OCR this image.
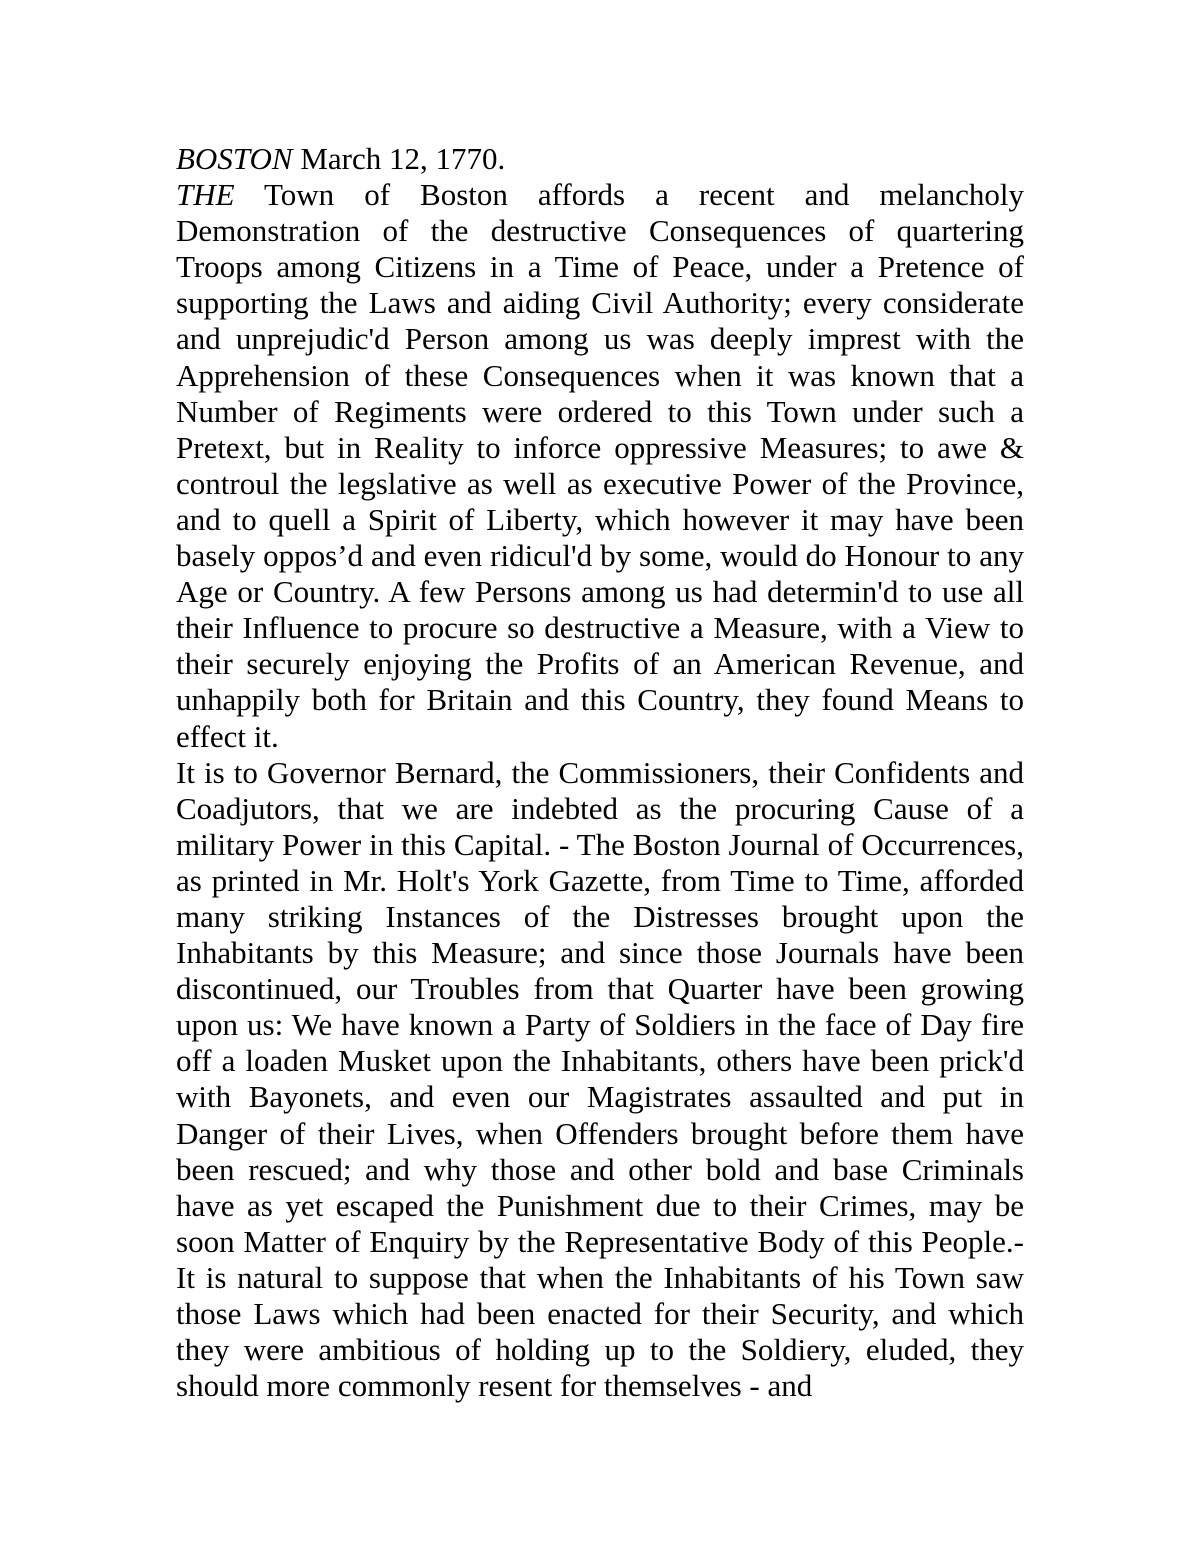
BOSTON March 12, 1770.

THE Town of Boston affords a recent and melancholy Demonstration of the destructive Consequences of quartering Troops among Citizens in a Time of Peace, under a Pretence of supporting the Laws and aiding Civil Authority; every considerate and unprejudic'd Person among us was deeply imprest with the Apprehension of these Consequences when it was known that a Number of Regiments were ordered to this Town under such a Pretext, but in Reality to inforce oppressive Measures; to awe & controul the legslative as well as executive Power of the Province, and to quell a Spirit of Liberty, which however it may have been basely oppos’d and even ridicul'd by some, would do Honour to any Age or Country. A few Persons among us had determin'd to use all their Influence to procure so destructive a Measure, with a View to their securely enjoying the Profits of an American Revenue, and unhappily both for Britain and this Country, they found Means to effect it.

It is to Governor Bernard, the Commissioners, their Confidents and Coadjutors, that we are indebted as the procuring Cause of a military Power in this Capital. - The Boston Journal of Occurrences, as printed in Mr. Holt's York Gazette, from Time to Time, afforded many striking Instances of the Distresses brought upon the Inhabitants by this Measure; and since those Journals have been discontinued, our Troubles from that Quarter have been growing upon us: We have known a Party of Soldiers in the face of Day fire off a loaden Musket upon the Inhabitants, others have been prick'd with Bayonets, and even our Magistrates assaulted and put in Danger of their Lives, when Offenders brought before them have been rescued; and why those and other bold and base Criminals have as yet escaped the Punishment due to their Crimes, may be soon Matter of Enquiry by the Representative Body of this People.- It is natural to suppose that when the Inhabitants of his Town saw those Laws which had been enacted for their Security, and which they were ambitious of holding up to the Soldiery, eluded, they should more commonly resent for themselves - and
